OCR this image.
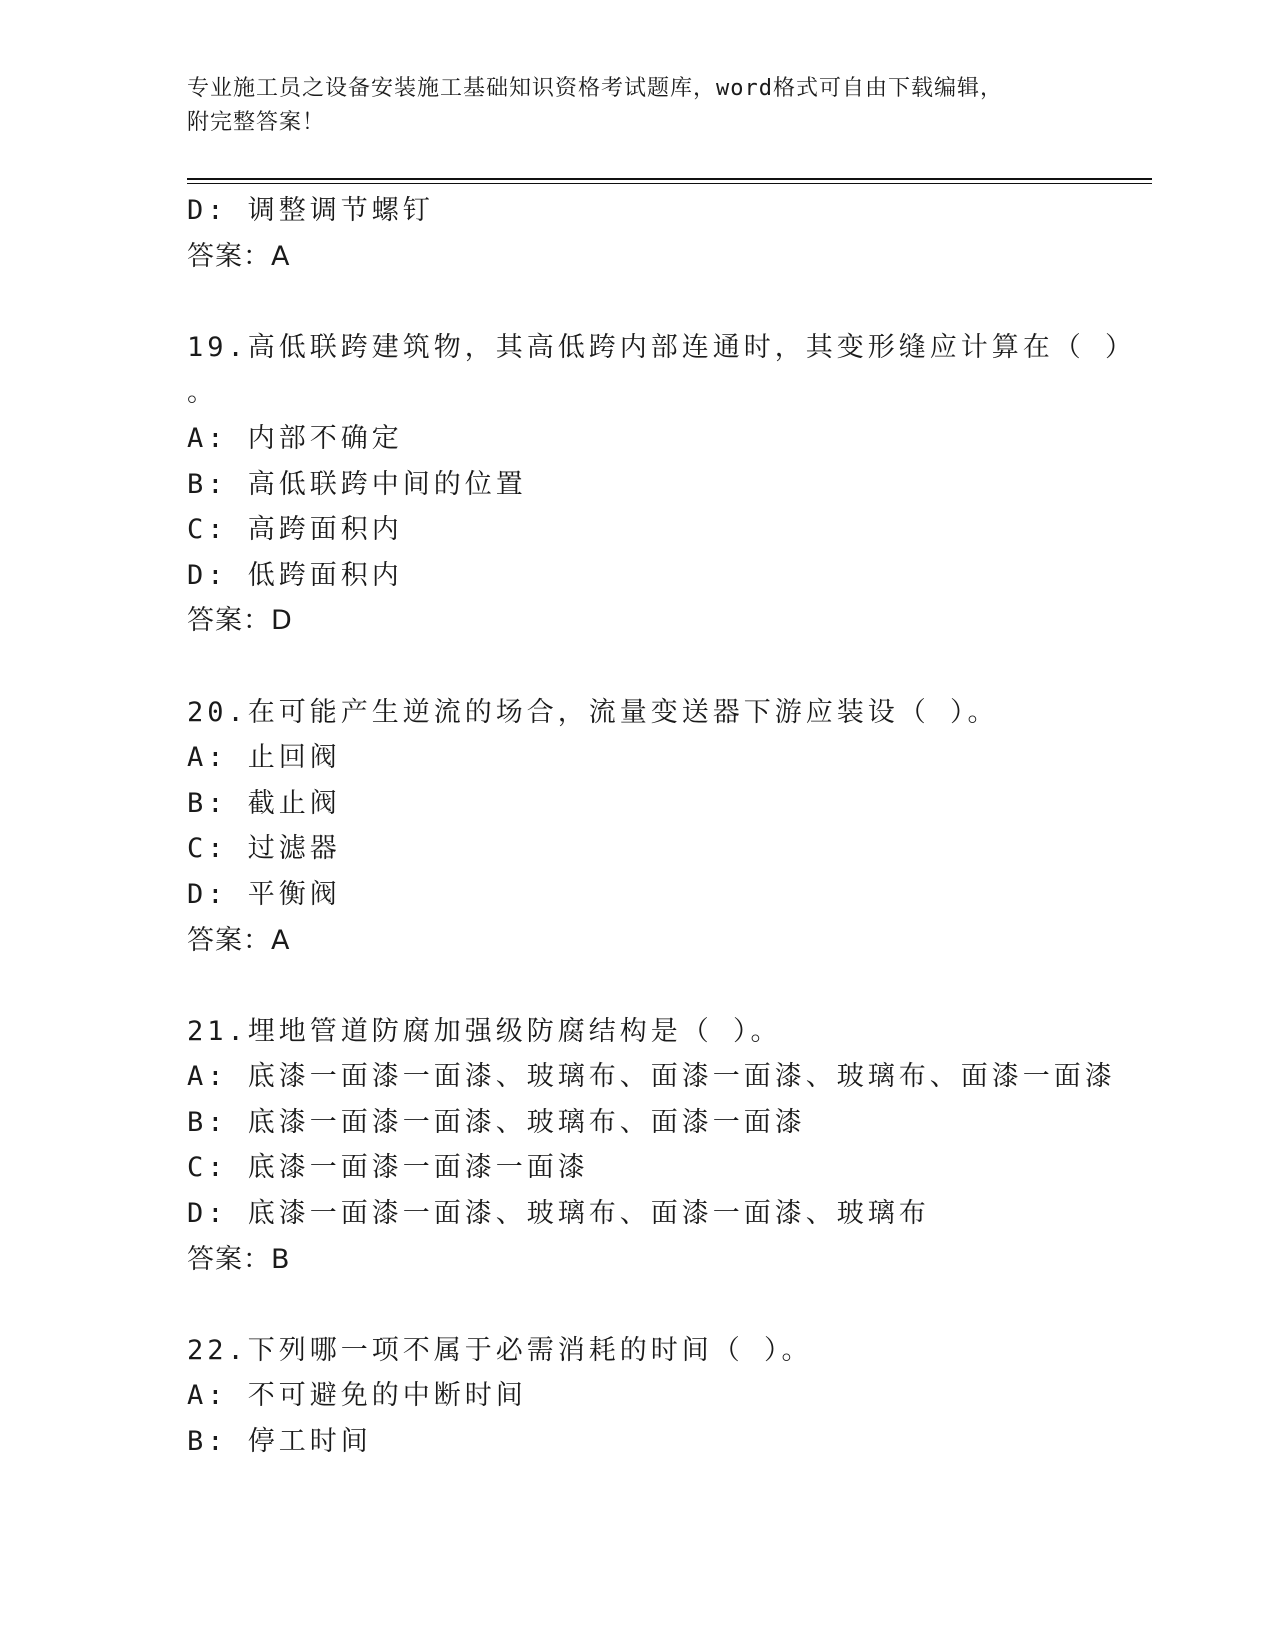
专业施工员之设备安装施工基础知识资格考试题库，word格式可自由下载编辑，
附完整答案！
D: 调整调节螺钉
答案：A
19.高低联跨建筑物，其高低跨内部连通时，其变形缝应计算在（ ）
。
A: 内部不确定
B: 高低联跨中间的位置
C: 高跨面积内
D: 低跨面积内
答案：D
20.在可能产生逆流的场合，流量变送器下游应装设（ ）。
A: 止回阀
B: 截止阀
C: 过滤器
D: 平衡阀
答案：A
21.埋地管道防腐加强级防腐结构是（ ）。
A: 底漆一面漆一面漆、玻璃布、面漆一面漆、玻璃布、面漆一面漆
B: 底漆一面漆一面漆、玻璃布、面漆一面漆
C: 底漆一面漆一面漆一面漆
D: 底漆一面漆一面漆、玻璃布、面漆一面漆、玻璃布
答案：B
22.下列哪一项不属于必需消耗的时间（ ）。
A: 不可避免的中断时间
B: 停工时间
